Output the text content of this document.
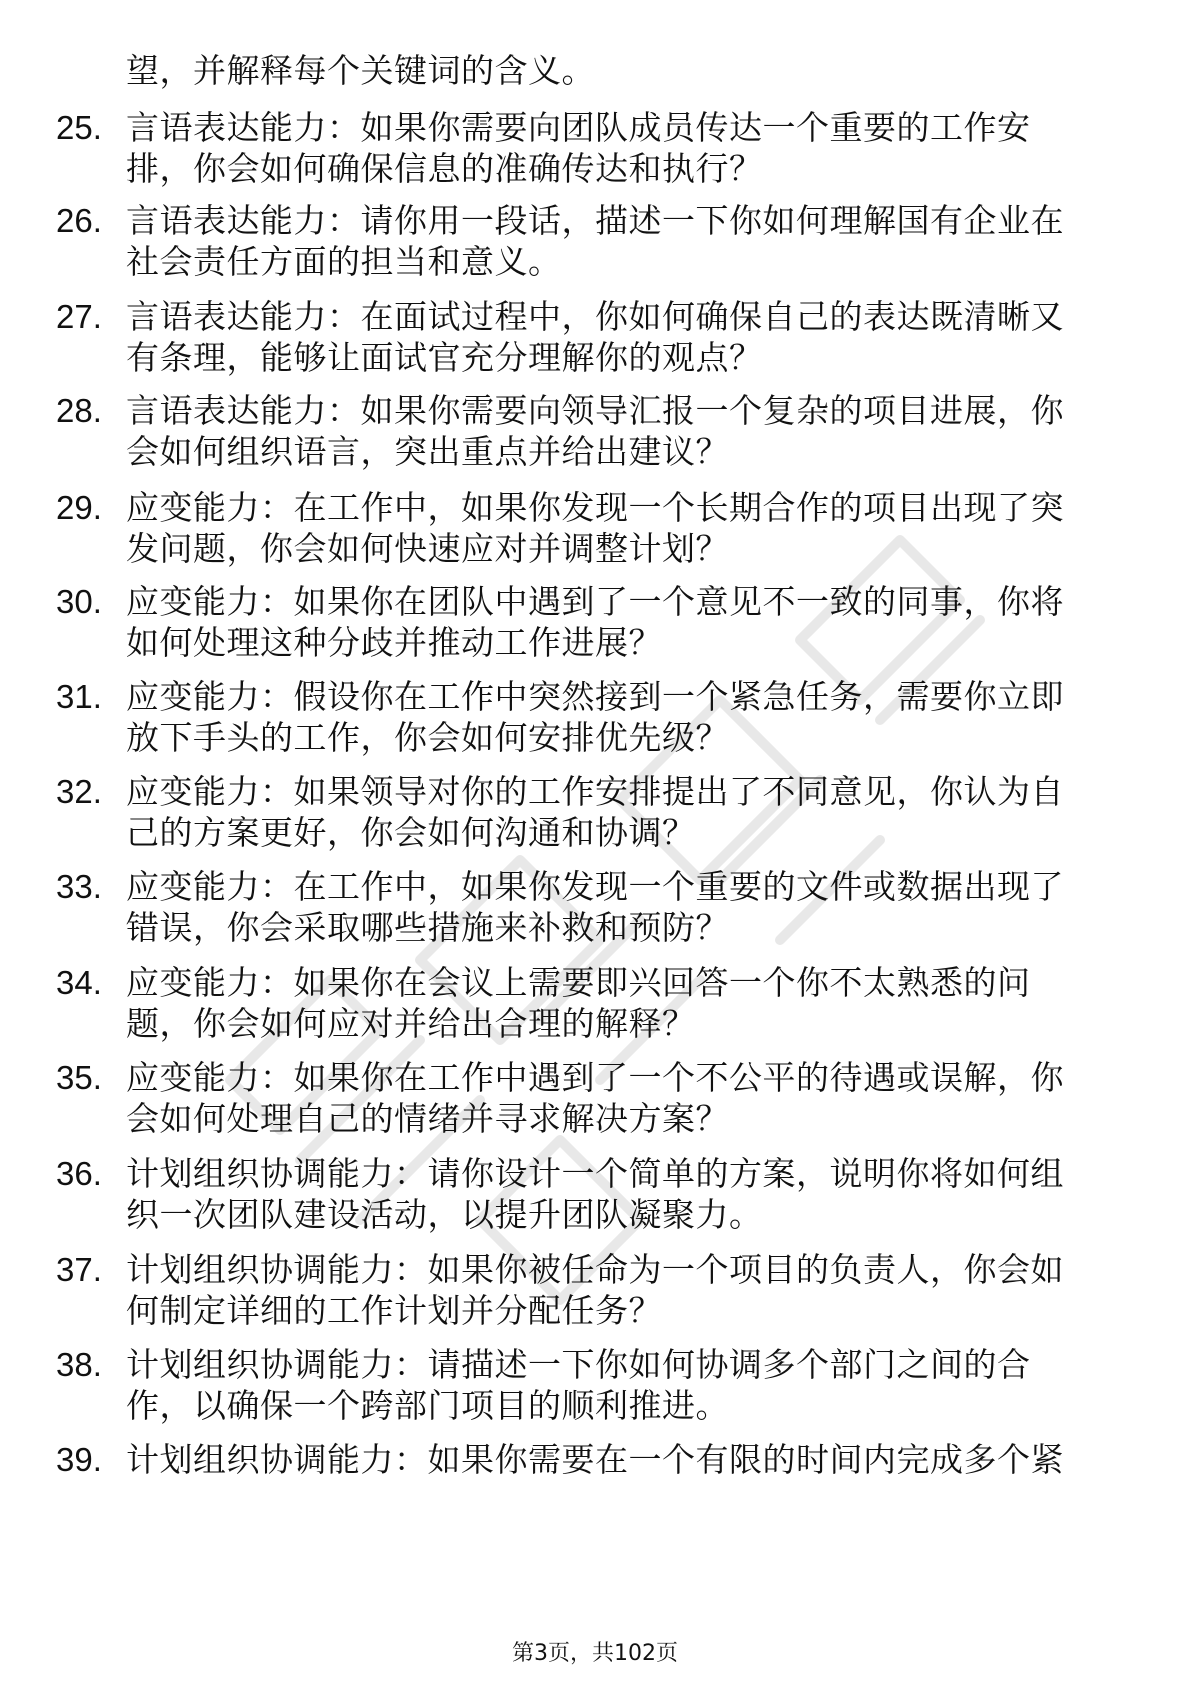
望，并解释每个关键词的含义。
25. 言语表达能力：如果你需要向团队成员传达一个重要的工作安
排，你会如何确保信息的准确传达和执行？
26. 言语表达能力：请你用一段话，描述一下你如何理解国有企业在
社会责任方面的担当和意义。
27. 言语表达能力：在面试过程中，你如何确保自己的表达既清晰又
有条理，能够让面试官充分理解你的观点？
28. 言语表达能力：如果你需要向领导汇报一个复杂的项目进展，你
会如何组织语言，突出重点并给出建议？
29. 应变能力：在工作中，如果你发现一个长期合作的项目出现了突
发问题，你会如何快速应对并调整计划？
30. 应变能力：如果你在团队中遇到了一个意见不一致的同事，你将
如何处理这种分歧并推动工作进展？
31. 应变能力：假设你在工作中突然接到一个紧急任务，需要你立即
放下手头的工作，你会如何安排优先级？
32. 应变能力：如果领导对你的工作安排提出了不同意见，你认为自
己的方案更好，你会如何沟通和协调？
33. 应变能力：在工作中，如果你发现一个重要的文件或数据出现了
错误，你会采取哪些措施来补救和预防？
34. 应变能力：如果你在会议上需要即兴回答一个你不太熟悉的问
题，你会如何应对并给出合理的解释？
35. 应变能力：如果你在工作中遇到了一个不公平的待遇或误解，你
会如何处理自己的情绪并寻求解决方案？
36. 计划组织协调能力：请你设计一个简单的方案，说明你将如何组
织一次团队建设活动，以提升团队凝聚力。
37. 计划组织协调能力：如果你被任命为一个项目的负责人，你会如
何制定详细的工作计划并分配任务？
38. 计划组织协调能力：请描述一下你如何协调多个部门之间的合
作，以确保一个跨部门项目的顺利推进。
39. 计划组织协调能力：如果你需要在一个有限的时间内完成多个紧
第3页，共102页
